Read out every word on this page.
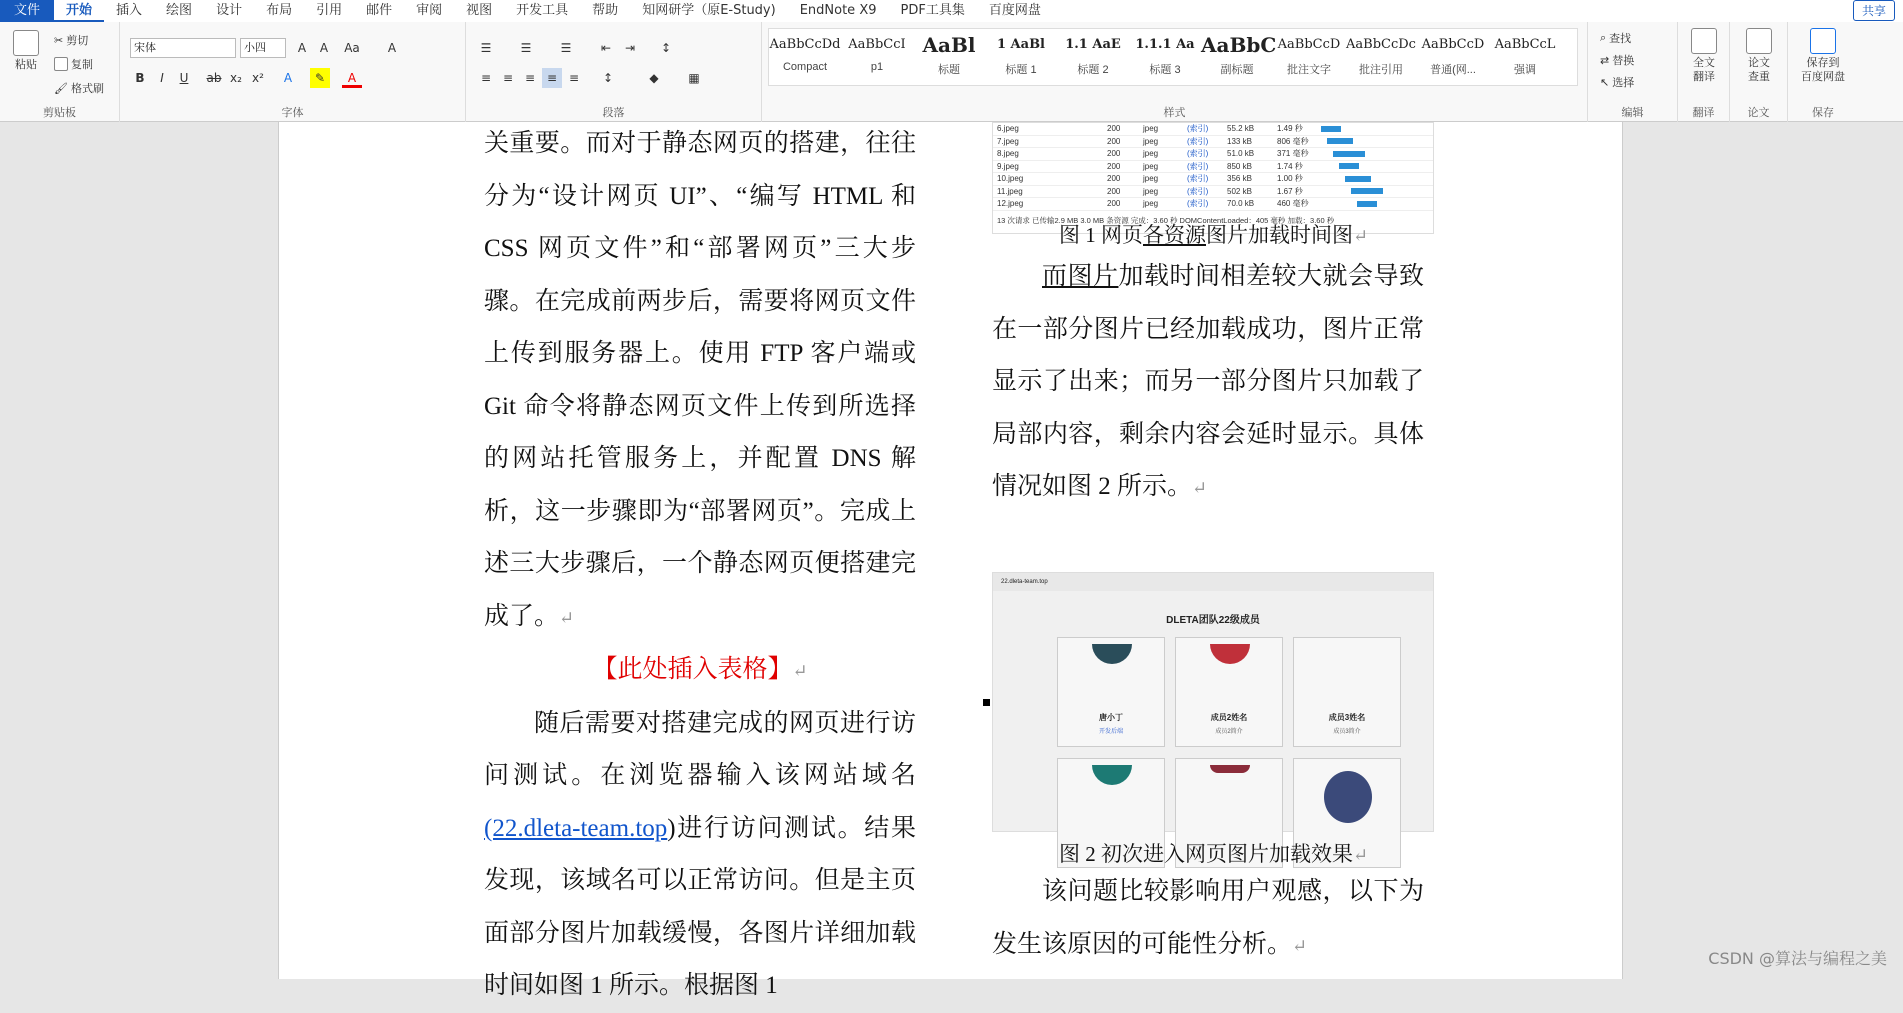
文件	开始	插入	绘图	设计	布局	引用	邮件	审阅	视图	开发工具	帮助	知网研学（原E-Study)	EndNote X9	PDF工具集	百度网盘	共享
粘贴
✂ 剪切
复制
🖌 格式刷
剪贴板
宋体	小四	A	A	Aa	A
B	I	U	ab x₂ x²	A	✎	A
字体
☰	☰	☰	⇤	⇥	↕
≡ ≡ ≡ ≡ ≡	↕	◆	▦
段落
AaBbCcDd
Compact
AaBbCcI
p1
AaBl
标题
1 AaBl
标题 1
1.1 AaE
标题 2
1.1.1 Aa
标题 3
AaBbC
副标题
AaBbCcD
批注文字
AaBbCcDc
批注引用
AaBbCcD
普通(网...
AaBbCcL
强调
样式
⌕ 查找
⇄ 替换
↖ 选择
编辑
全文
翻译
翻译
论文
查重
论文
保存到
百度网盘
保存
关重要。而对于静态网页的搭建，往往分为“设计网页 UI”、“编写 HTML 和 CSS 网页文件”和“部署网页”三大步骤。在完成前两步后，需要将网页文件上传到服务器上。使用 FTP 客户端或 Git 命令将静态网页文件上传到所选择的网站托管服务上，并配置 DNS 解析，这一步骤即为“部署网页”。完成上述三大步骤后，一个静态网页便搭建完成了。↵
【此处插入表格】↵
随后需要对搭建完成的网页进行访问测试。在浏览器输入该网站域名(22.dleta-team.top)进行访问测试。结果发现，该域名可以正常访问。但是主页面部分图片加载缓慢，各图片详细加载时间如图 1 所示。根据图 1
6.jpeg	200	jpeg	(索引)	55.2 kB	1.49 秒
7.jpeg	200	jpeg	(索引)	133 kB	806 毫秒
8.jpeg	200	jpeg	(索引)	51.0 kB	371 毫秒
9.jpeg	200	jpeg	(索引)	850 kB	1.74 秒
10.jpeg	200	jpeg	(索引)	356 kB	1.00 秒
11.jpeg	200	jpeg	(索引)	502 kB	1.67 秒
12.jpeg	200	jpeg	(索引)	70.0 kB	460 毫秒
13 次请求 已传输2.9 MB 3.0 MB 条资源 完成：3.60 秒 DOMContentLoaded：405 毫秒 加载：3.60 秒
图 1 网页各资源图片加载时间图↵
而图片加载时间相差较大就会导致在一部分图片已经加载成功，图片正常显示了出来；而另一部分图片只加载了局部内容，剩余内容会延时显示。具体情况如图 2 所示。↵
22.dleta-team.top
DLETA团队22级成员
唐小丁
开发后端
成员2姓名
成员2简介
成员3姓名
成员3简介
图 2 初次进入网页图片加载效果↵
该问题比较影响用户观感，以下为发生该原因的可能性分析。↵
CSDN @算法与编程之美
